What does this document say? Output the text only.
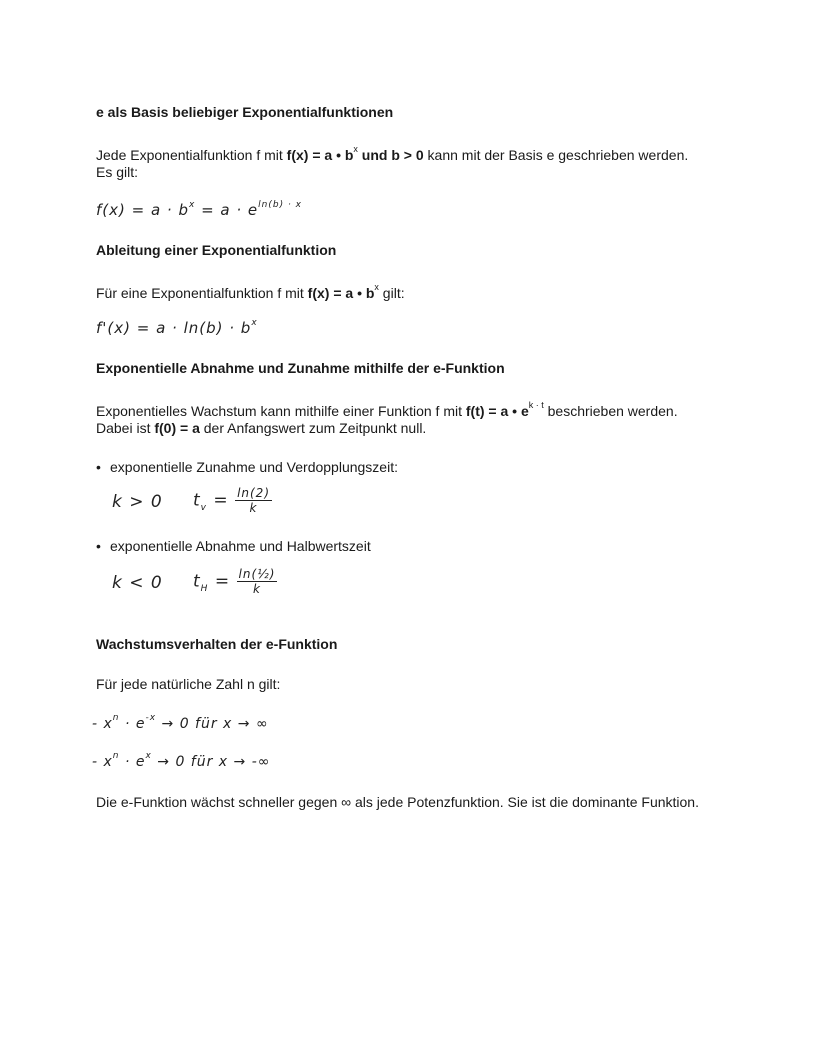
e als Basis beliebiger Exponentialfunktionen
Jede Exponentialfunktion f mit f(x) = a • $b^x$ und b > 0 kann mit der Basis e geschrieben werden.
Es gilt:
$f(x) = a \cdot b^x = a \cdot e^{ln(b) \cdot x}$
Ableitung einer Exponentialfunktion
Für eine Exponentialfunktion f mit f(x) = a • $b^x$ gilt:
$f'(x) = a \cdot \ln(b) \cdot b^x$
Exponentielle Abnahme und Zunahme mithilfe der e-Funktion
Exponentielles Wachstum kann mithilfe einer Funktion f mit f(t) = a • $e^{k \cdot t}$ beschrieben werden.
Dabei ist f(0) = a der Anfangswert zum Zeitpunkt null.
• exponentielle Zunahme und Verdopplungszeit:
k > 0 $t_v = \frac{\ln(2)}{k}$
• exponentielle Abnahme und Halbwertszeit
k < 0 $t_H = \frac{\text{ln(½)}}{k}$
Wachstumsverhalten der e-Funktion
Für jede natürliche Zahl n gilt:
- $x^n \cdot e^{-x} \to 0$ für x → ∞
- $x^n \cdot e^x \to 0$ für x → -∞
Die e-Funktion wächst schneller gegen ∞ als jede Potenzfunktion. Sie ist die dominante Funktion.
